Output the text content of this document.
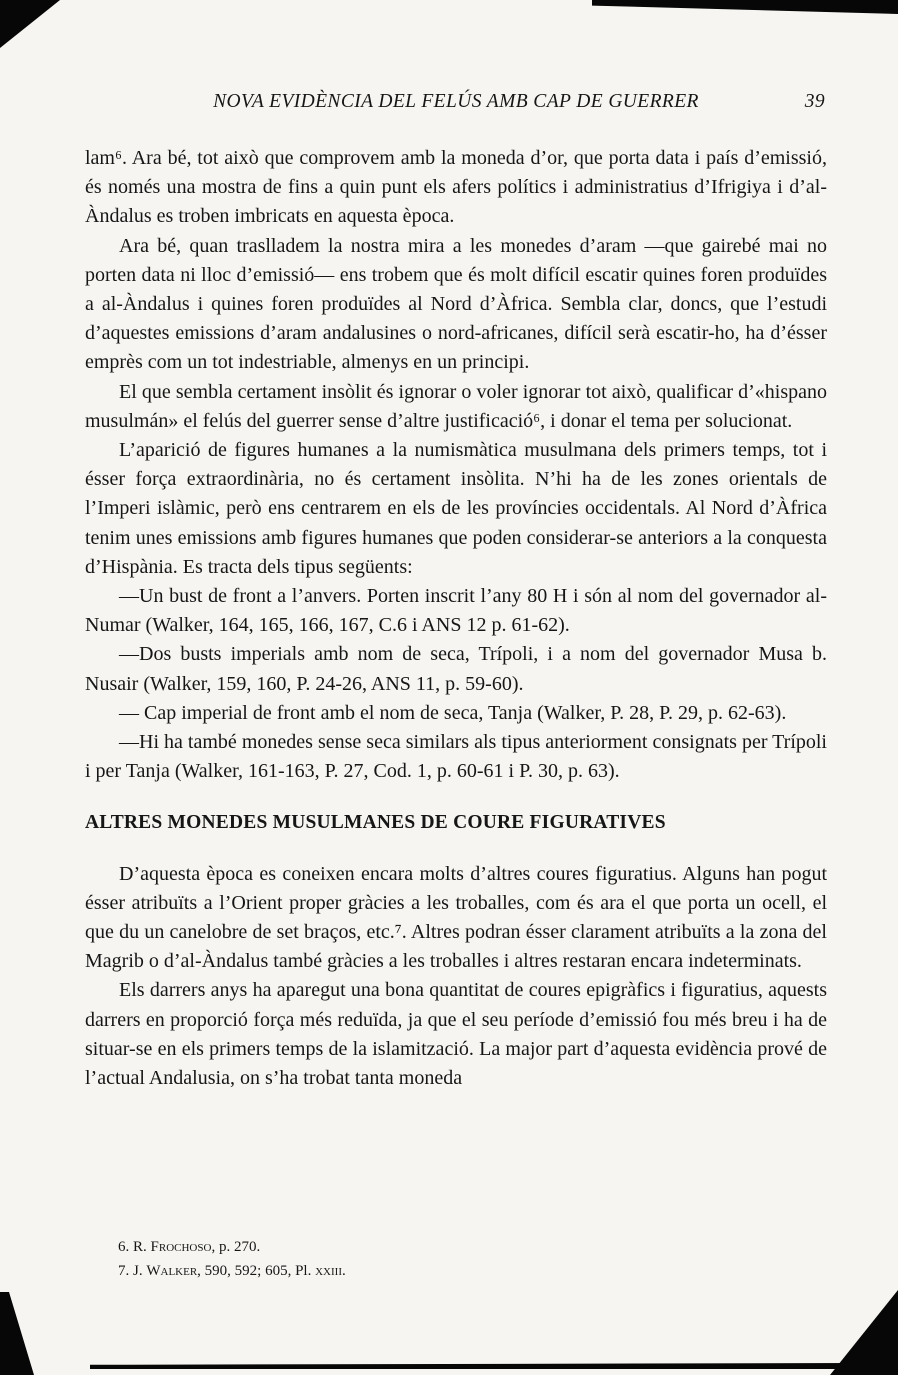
NOVA EVIDÈNCIA DEL FELÚS AMB CAP DE GUERRER	39

lam⁶. Ara bé, tot això que comprovem amb la moneda d’or, que porta data i país d’emissió, és només una mostra de fins a quin punt els afers polítics i administratius d’Ifrigiya i d’al-Àndalus es troben imbricats en aquesta època.

Ara bé, quan traslladem la nostra mira a les monedes d’aram —que gairebé mai no porten data ni lloc d’emissió— ens trobem que és molt difícil escatir quines foren produïdes a al-Àndalus i quines foren produïdes al Nord d’Àfrica. Sembla clar, doncs, que l’estudi d’aquestes emissions d’aram andalusines o nord-africanes, difícil serà escatir-ho, ha d’ésser emprès com un tot indestriable, almenys en un principi.

El que sembla certament insòlit és ignorar o voler ignorar tot això, qualificar d’«hispano musulmán» el felús del guerrer sense d’altre justificació⁶, i donar el tema per solucionat.

L’aparició de figures humanes a la numismàtica musulmana dels primers temps, tot i ésser força extraordinària, no és certament insòlita. N’hi ha de les zones orientals de l’Imperi islàmic, però ens centrarem en els de les províncies occidentals. Al Nord d’Àfrica tenim unes emissions amb figures humanes que poden considerar-se anteriors a la conquesta d’Hispània. Es tracta dels tipus següents:

—Un bust de front a l’anvers. Porten inscrit l’any 80 H i són al nom del governador al-Numar (Walker, 164, 165, 166, 167, C.6 i ANS 12 p. 61-62).

—Dos busts imperials amb nom de seca, Trípoli, i a nom del governador Musa b. Nusair (Walker, 159, 160, P. 24-26, ANS 11, p. 59-60).

— Cap imperial de front amb el nom de seca, Tanja (Walker, P. 28, P. 29, p. 62-63).

—Hi ha també monedes sense seca similars als tipus anteriorment consignats per Trípoli i per Tanja (Walker, 161-163, P. 27, Cod. 1, p. 60-61 i P. 30, p. 63).

ALTRES MONEDES MUSULMANES DE COURE FIGURATIVES

D’aquesta època es coneixen encara molts d’altres coures figuratius. Alguns han pogut ésser atribuïts a l’Orient proper gràcies a les troballes, com és ara el que porta un ocell, el que du un canelobre de set braços, etc.⁷. Altres podran ésser clarament atribuïts a la zona del Magrib o d’al-Àndalus també gràcies a les troballes i altres restaran encara indeterminats.

Els darrers anys ha aparegut una bona quantitat de coures epigràfics i figuratius, aquests darrers en proporció força més reduïda, ja que el seu període d’emissió fou més breu i ha de situar-se en els primers temps de la islamització. La major part d’aquesta evidència prové de l’actual Andalusia, on s’ha trobat tanta moneda

6. R. Frochoso, p. 270.

7. J. Walker, 590, 592; 605, Pl. xxiii.
